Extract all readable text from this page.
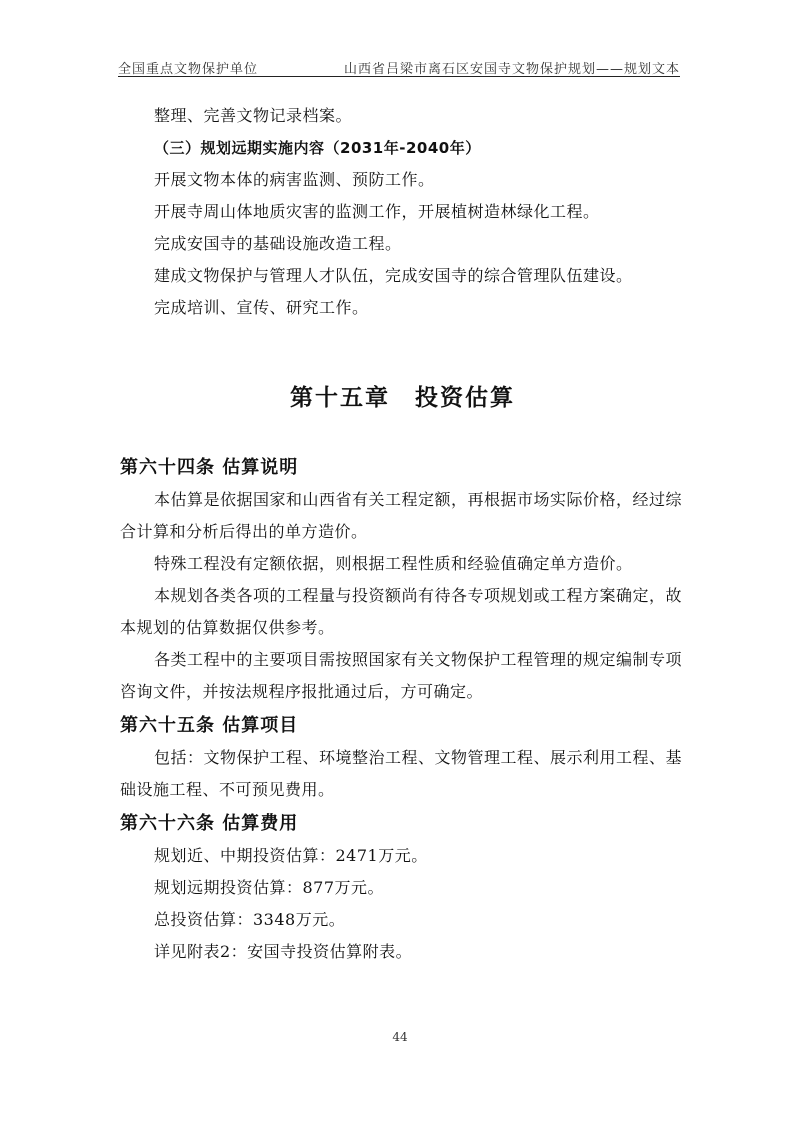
全国重点文物保护单位	山西省吕梁市离石区安国寺文物保护规划——规划文本

整理、完善文物记录档案。

（三）规划远期实施内容（2031年-2040年）

开展文物本体的病害监测、预防工作。

开展寺周山体地质灾害的监测工作，开展植树造林绿化工程。

完成安国寺的基础设施改造工程。

建成文物保护与管理人才队伍，完成安国寺的综合管理队伍建设。

完成培训、宣传、研究工作。

第十五章　投资估算
第六十四条 估算说明

本估算是依据国家和山西省有关工程定额，再根据市场实际价格，经过综合计算和分析后得出的单方造价。

特殊工程没有定额依据，则根据工程性质和经验值确定单方造价。

本规划各类各项的工程量与投资额尚有待各专项规划或工程方案确定，故本规划的估算数据仅供参考。

各类工程中的主要项目需按照国家有关文物保护工程管理的规定编制专项咨询文件，并按法规程序报批通过后，方可确定。

第六十五条 估算项目

包括：文物保护工程、环境整治工程、文物管理工程、展示利用工程、基础设施工程、不可预见费用。

第六十六条 估算费用

规划近、中期投资估算：2471万元。

规划远期投资估算：877万元。

总投资估算：3348万元。

详见附表2：安国寺投资估算附表。

44
